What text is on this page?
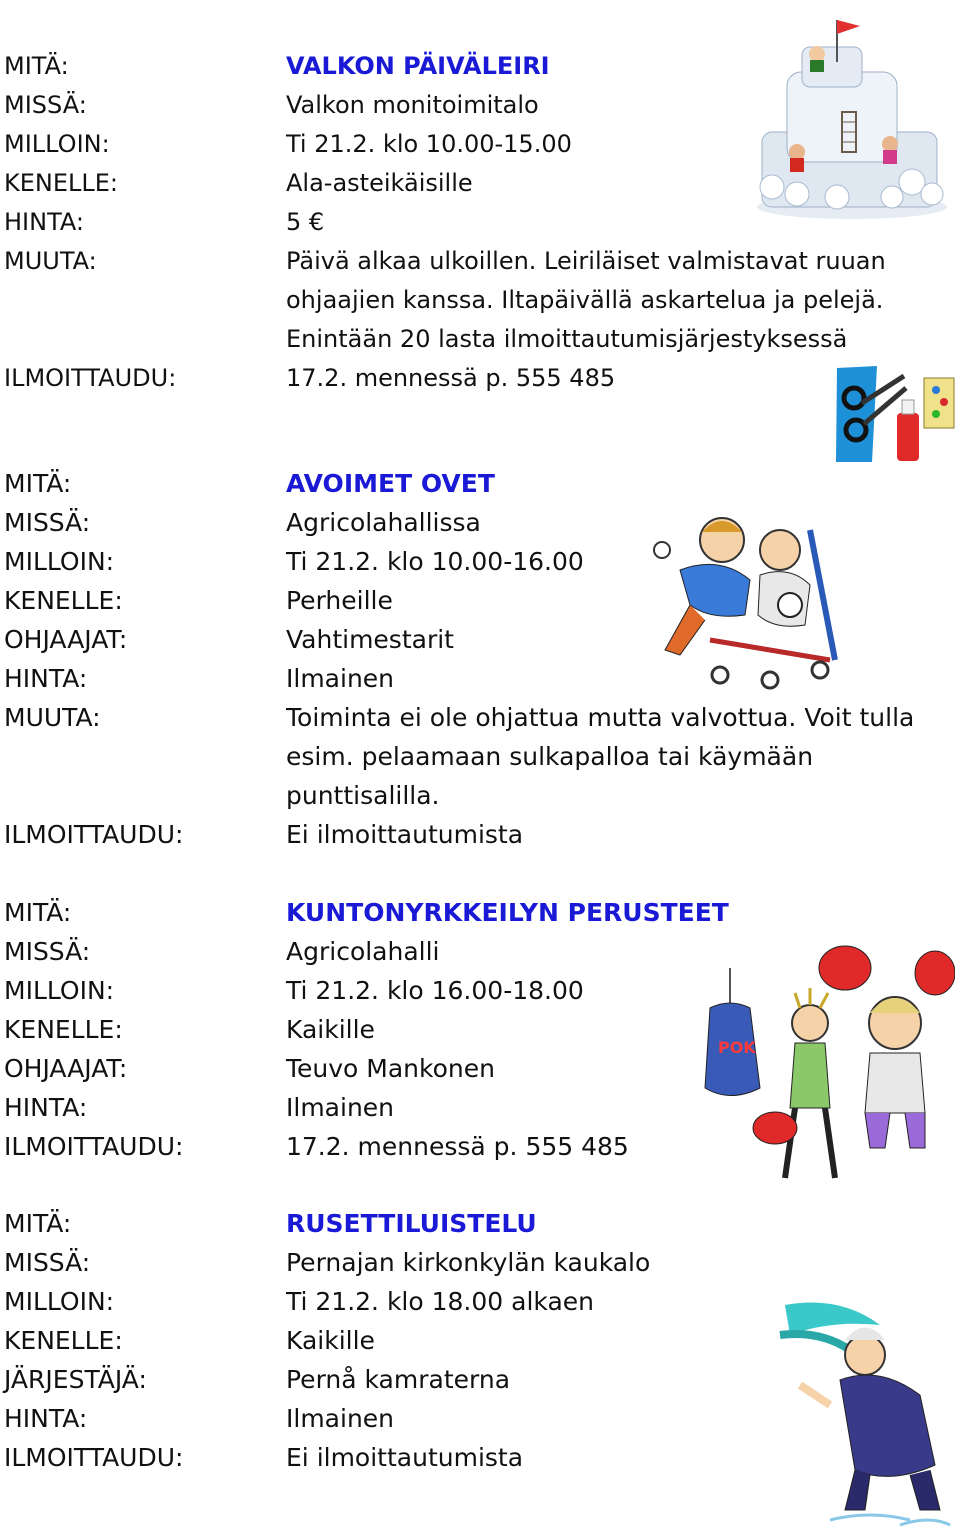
MITÄ:	VALKON PÄIVÄLEIRI
MISSÄ:	Valkon monitoimitalo
MILLOIN:	Ti 21.2. klo 10.00-15.00
KENELLE:	Ala-asteikäisille
HINTA:	5 €
MUUTA:	Päivä alkaa ulkoillen. Leiriläiset valmistavat ruuan ohjaajien kanssa. Iltapäivällä askartelua ja pelejä. Enintään 20 lasta ilmoittautumisjärjestyksessä
ILMOITTAUDU:	17.2. mennessä p. 555 485
MITÄ:	AVOIMET OVET
MISSÄ:	Agricolahallissa
MILLOIN:	Ti 21.2. klo 10.00-16.00
KENELLE:	Perheille
OHJAAJAT:	Vahtimestarit
HINTA:	Ilmainen
MUUTA:	Toiminta ei ole ohjattua mutta valvottua. Voit tulla esim. pelaamaan sulkapalloa tai käymään punttisalilla.
ILMOITTAUDU:	Ei ilmoittautumista
MITÄ:	KUNTONYRKKEILYN PERUSTEET
MISSÄ:	Agricolahalli
MILLOIN:	Ti 21.2. klo 16.00-18.00
KENELLE:	Kaikille
OHJAAJAT:	Teuvo Mankonen
HINTA:	Ilmainen
ILMOITTAUDU:	17.2. mennessä p. 555 485
POK
MITÄ:	RUSETTILUISTELU
MISSÄ:	Pernajan kirkonkylän kaukalo
MILLOIN:	Ti 21.2. klo 18.00 alkaen
KENELLE:	Kaikille
JÄRJESTÄJÄ:	Pernå kamraterna
HINTA:	Ilmainen
ILMOITTAUDU:	Ei ilmoittautumista
